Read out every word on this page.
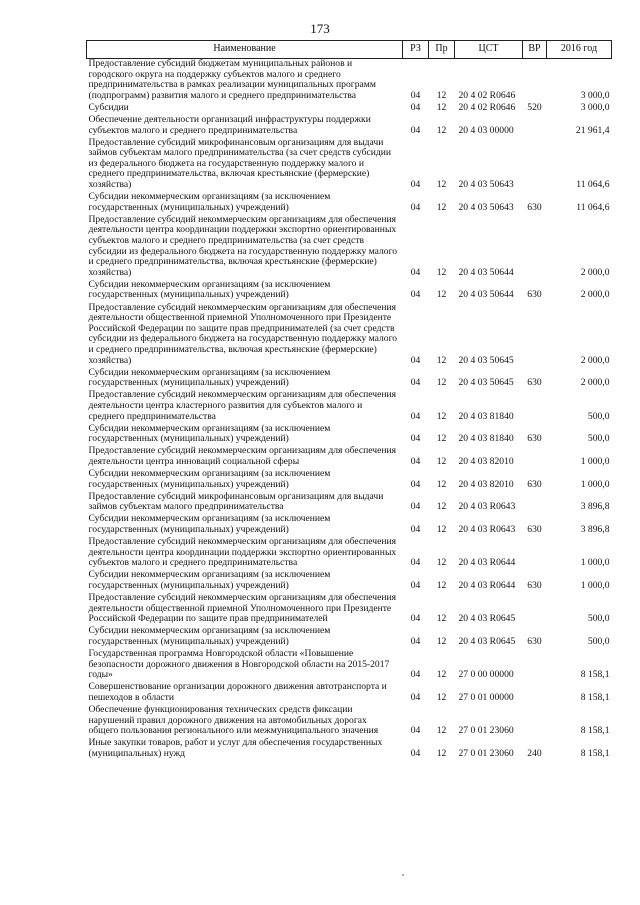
173
Наименование	РЗ	Пр	ЦСТ	ВР	2016 год
Предоставление субсидий бюджетам муниципальных районов и городского округа на поддержку субъектов малого и среднего предпринимательства в рамках реализации муниципальных программ (подпрограмм) развития малого и среднего предпринимательства	04	12	20 4 02 R0646		3 000,0
Субсидии	04	12	20 4 02 R0646	520	3 000,0
Обеспечение деятельности организаций инфраструктуры поддержки субъектов малого и среднего предпринимательства	04	12	20 4 03 00000		21 961,4
Предоставление субсидий микрофинансовым организациям для выдачи займов субъектам малого предпринимательства (за счет средств субсидии из федерального бюджета на государственную поддержку малого и среднего предпринимательства, включая крестьянские (фермерские) хозяйства)	04	12	20 4 03 50643		11 064,6
Субсидии некоммерческим организациям (за исключением государственных (муниципальных) учреждений)	04	12	20 4 03 50643	630	11 064,6
Предоставление субсидий некоммерческим организациям для обеспечения деятельности центра координации поддержки экспортно ориентированных субъектов малого и среднего предпринимательства (за счет средств субсидии из федерального бюджета на государственную поддержку малого и среднего предпринимательства, включая крестьянские (фермерские) хозяйства)	04	12	20 4 03 50644		2 000,0
Субсидии некоммерческим организациям (за исключением государственных (муниципальных) учреждений)	04	12	20 4 03 50644	630	2 000,0
Предоставление субсидий некоммерческим организациям для обеспечения деятельности общественной приемной Уполномоченного при Президенте Российской Федерации по защите прав предпринимателей (за счет средств субсидии из федерального бюджета на государственную поддержку малого и среднего предпринимательства, включая крестьянские (фермерские) хозяйства)	04	12	20 4 03 50645		2 000,0
Субсидии некоммерческим организациям (за исключением государственных (муниципальных) учреждений)	04	12	20 4 03 50645	630	2 000,0
Предоставление субсидий некоммерческим организациям для обеспечения деятельности центра кластерного развития для субъектов малого и среднего предпринимательства	04	12	20 4 03 81840		500,0
Субсидии некоммерческим организациям (за исключением государственных (муниципальных) учреждений)	04	12	20 4 03 81840	630	500,0
Предоставление субсидий некоммерческим организациям для обеспечения деятельности центра инноваций социальной сферы	04	12	20 4 03 82010		1 000,0
Субсидии некоммерческим организациям (за исключением государственных (муниципальных) учреждений)	04	12	20 4 03 82010	630	1 000,0
Предоставление субсидий микрофинансовым организациям для выдачи займов субъектам малого предпринимательства	04	12	20 4 03 R0643		3 896,8
Субсидии некоммерческим организациям (за исключением государственных (муниципальных) учреждений)	04	12	20 4 03 R0643	630	3 896,8
Предоставление субсидий некоммерческим организациям для обеспечения деятельности центра координации поддержки экспортно ориентированных субъектов малого и среднего предпринимательства	04	12	20 4 03 R0644		1 000,0
Субсидии некоммерческим организациям (за исключением государственных (муниципальных) учреждений)	04	12	20 4 03 R0644	630	1 000,0
Предоставление субсидий некоммерческим организациям для обеспечения деятельности общественной приемной Уполномоченного при Президенте Российской Федерации по защите прав предпринимателей	04	12	20 4 03 R0645		500,0
Субсидии некоммерческим организациям (за исключением государственных (муниципальных) учреждений)	04	12	20 4 03 R0645	630	500,0
Государственная программа Новгородской области «Повышение безопасности дорожного движения в Новгородской области на 2015-2017 годы»	04	12	27 0 00 00000		8 158,1
Совершенствование организации дорожного движения автотранспорта и пешеходов в области	04	12	27 0 01 00000		8 158,1
Обеспечение функционирования технических средств фиксации нарушений правил дорожного движения на автомобильных дорогах общего пользования регионального или межмуниципального значения	04	12	27 0 01 23060		8 158,1
Иные закупки товаров, работ и услуг для обеспечения государственных (муниципальных) нужд	04	12	27 0 01 23060	240	8 158,1
